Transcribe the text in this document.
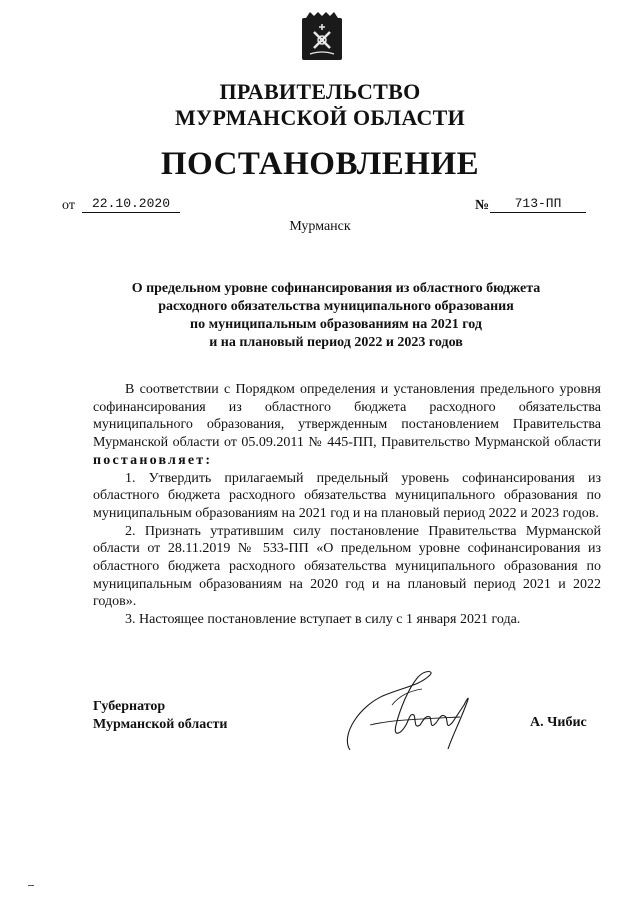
ПРАВИТЕЛЬСТВО
МУРМАНСКОЙ ОБЛАСТИ
ПОСТАНОВЛЕНИЕ
от	22.10.2020	№	713-ПП
Мурманск
О предельном уровне софинансирования из областного бюджета
расходного обязательства муниципального образования
по муниципальным образованиям на 2021 год
и на плановый период 2022 и 2023 годов

В соответствии с Порядком определения и установления предельного уровня софинансирования из областного бюджета расходного обязательства муниципального образования, утвержденным постановлением Правительства Мурманской области от 05.09.2011 № 445-ПП, Правительство Мурманской области постановляет:

1. Утвердить прилагаемый предельный уровень софинансирования из областного бюджета расходного обязательства муниципального образования по муниципальным образованиям на 2021 год и на плановый период 2022 и 2023 годов.

2. Признать утратившим силу постановление Правительства Мурманской области от 28.11.2019 № 533-ПП «О предельном уровне софинансирования из областного бюджета расходного обязательства муниципального образования по муниципальным образованиям на 2020 год и на плановый период 2021 и 2022 годов».

3. Настоящее постановление вступает в силу с 1 января 2021 года.

Губернатор
Мурманской области	А. Чибис
